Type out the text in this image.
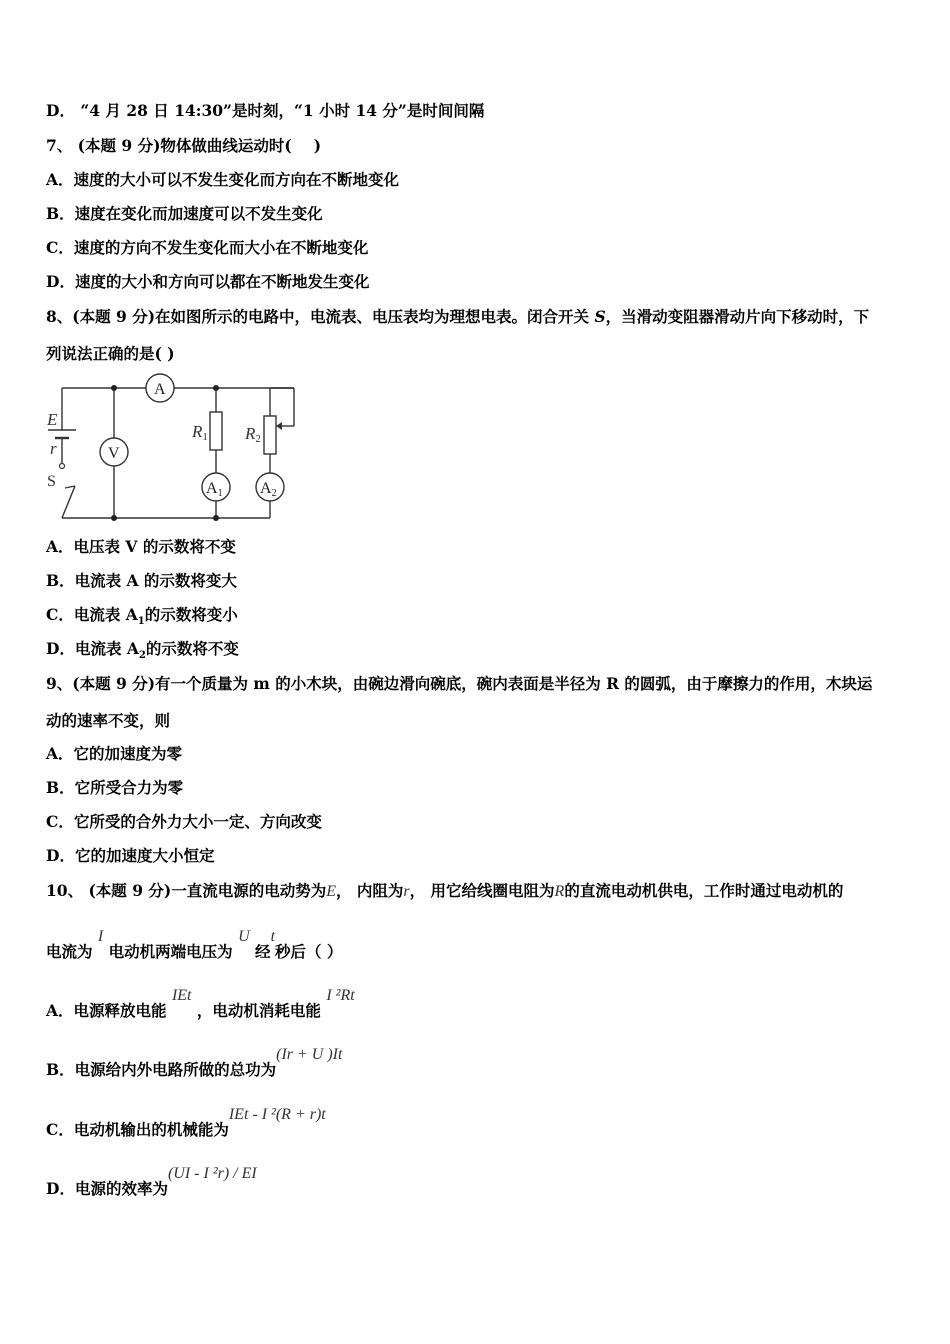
D． “4 月 28 日 14:30”是时刻，“1 小时 14 分”是时间间隔
7、 (本题 9 分)物体做曲线运动时( )
A．速度的大小可以不发生变化而方向在不断地变化
B．速度在变化而加速度可以不发生变化
C．速度的方向不发生变化而大小在不断地变化
D．速度的大小和方向可以都在不断地发生变化
8、(本题 9 分)在如图所示的电路中，电流表、电压表均为理想电表。闭合开关 S，当滑动变阻器滑动片向下移动时，下
列说法正确的是( )
A
V
A1 A2
R1 R2
E
r
S
A．电压表 V 的示数将不变
B．电流表 A 的示数将变大
C．电流表 $A_1$的示数将变小
D．电流表 $A_2$的示数将不变
9、(本题 9 分)有一个质量为 m 的小木块，由碗边滑向碗底，碗内表面是半径为 R 的圆弧，由于摩擦力的作用，木块运
动的速率不变，则
A．它的加速度为零
B．它所受合力为零
C．它所受的合外力大小一定、方向改变
D．它的加速度大小恒定
10、 (本题 9 分)一直流电源的电动势为E， 内阻为r， 用它给线圈电阻为R的直流电动机供电，工作时通过电动机的
电流为 I 电动机两端电压为 U 经t秒后（ ）
A．电源释放电能 IEt ，电动机消耗电能 I ²Rt
B．电源给内外电路所做的总功为(Ir + U )It
C．电动机输出的机械能为IEt - I ²(R + r)t
D．电源的效率为(UI - I ²r) / EI
